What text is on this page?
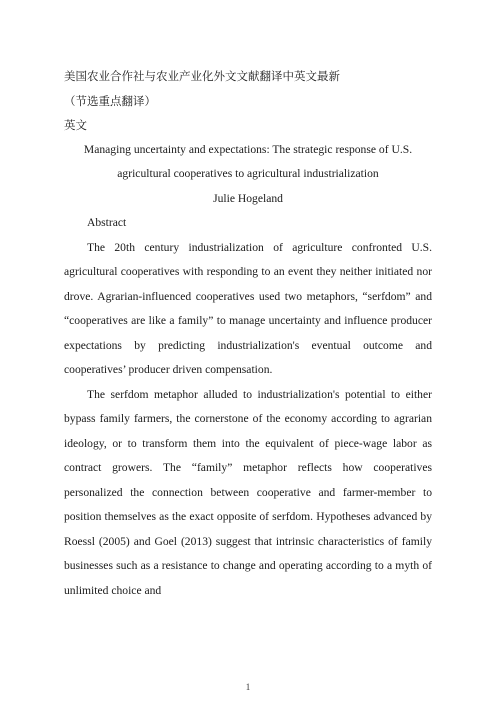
美国农业合作社与农业产业化外文文献翻译中英文最新

（节选重点翻译）

英文

Managing uncertainty and expectations: The strategic response of U.S. agricultural cooperatives to agricultural industrialization

Julie Hogeland

Abstract

The 20th century industrialization of agriculture confronted U.S. agricultural cooperatives with responding to an event they neither initiated nor drove. Agrarian-influenced cooperatives used two metaphors, “serfdom” and “cooperatives are like a family” to manage uncertainty and influence producer expectations by predicting industrialization's eventual outcome and cooperatives’ producer driven compensation.

The serfdom metaphor alluded to industrialization's potential to either bypass family farmers, the cornerstone of the economy according to agrarian ideology, or to transform them into the equivalent of piece-wage labor as contract growers. The “family” metaphor reflects how cooperatives personalized the connection between cooperative and farmer-member to position themselves as the exact opposite of serfdom. Hypotheses advanced by Roessl (2005) and Goel (2013) suggest that intrinsic characteristics of family businesses such as a resistance to change and operating according to a myth of unlimited choice and

1
